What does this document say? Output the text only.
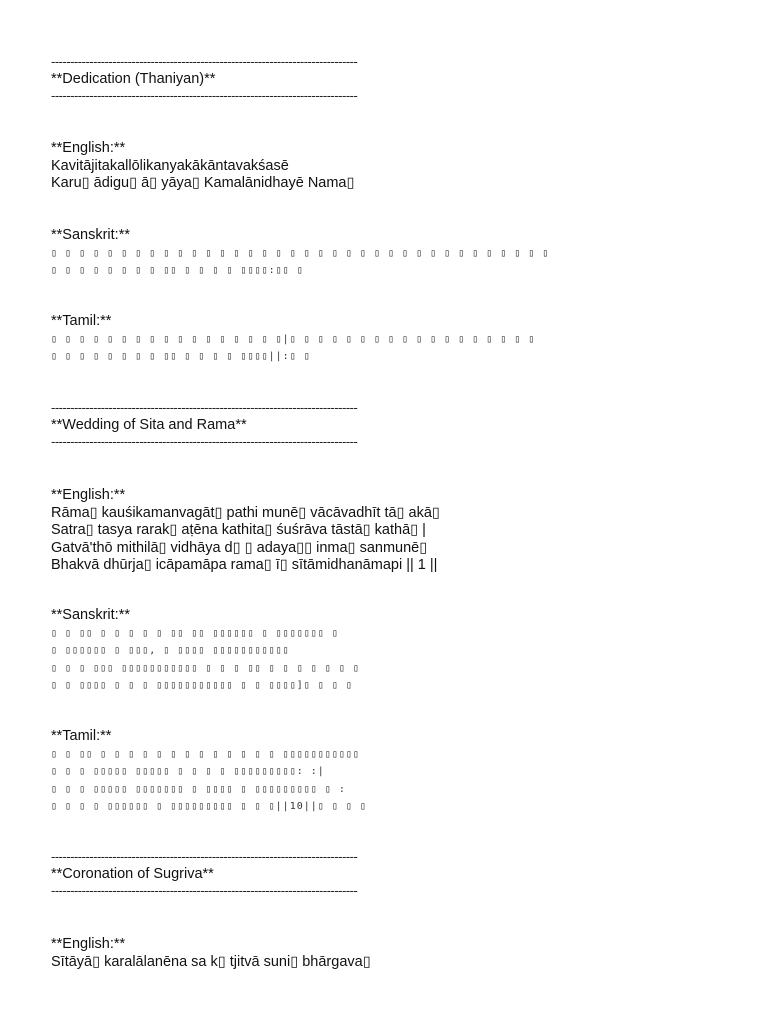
--------------------------------------------------------------------------------
**Dedication (Thaniyan)**
--------------------------------------------------------------------------------
**English:**
Kavitājitakallōlikanyakākāntavakśasē
Karu▯ ādigu▯ ā▯ yāya▯ Kamalānidhayē Nama▯
**Sanskrit:**
▯ ▯ ▯ ▯ ▯ ▯ ▯ ▯ ▯ ▯ ▯ ▯ ▯ ▯ ▯ ▯ ▯ ▯ ▯ ▯ ▯ ▯ ▯ ▯ ▯ ▯ ▯ ▯ ▯ ▯ ▯ ▯ ▯ ▯ ▯ ▯
▯ ▯ ▯ ▯ ▯ ▯ ▯ ▯ ▯▯ ▯ ▯ ▯ ▯ ▯▯▯▯:▯▯ ▯
**Tamil:**
▯ ▯ ▯ ▯ ▯ ▯ ▯ ▯ ▯ ▯ ▯ ▯ ▯ ▯ ▯ ▯ ▯|▯ ▯ ▯ ▯ ▯ ▯ ▯ ▯ ▯ ▯ ▯ ▯ ▯ ▯ ▯ ▯ ▯ ▯
▯ ▯ ▯ ▯ ▯ ▯ ▯ ▯ ▯▯ ▯ ▯ ▯ ▯ ▯▯▯▯||:▯ ▯
--------------------------------------------------------------------------------
**Wedding of Sita and Rama**
--------------------------------------------------------------------------------
**English:**
Rāma▯ kauśikamanvagāt▯ pathi munē▯ vācāvadhīt tā▯ akā▯
Satra▯ tasya rarak▯ aṭēna kathita▯ śuśrāva tāstā▯ kathā▯ |
Gatvā'thō mithilā▯ vidhāya d▯ ▯ adaya▯▯ inma▯ sanmunē▯
Bhakvā dhūrja▯ icāpamāpa rama▯ ī▯ sītāmidhanāmapi || 1 ||
**Sanskrit:**
▯ ▯ ▯▯ ▯ ▯ ▯ ▯ ▯ ▯▯ ▯▯ ▯▯▯▯▯▯ ▯ ▯▯▯▯▯▯▯ ▯
▯ ▯▯▯▯▯▯ ▯ ▯▯▯, ▯ ▯▯▯▯ ▯▯▯▯▯▯▯▯▯▯▯
▯ ▯ ▯ ▯▯▯ ▯▯▯▯▯▯▯▯▯▯▯ ▯ ▯ ▯ ▯▯ ▯ ▯ ▯ ▯ ▯ ▯ ▯
▯ ▯ ▯▯▯▯ ▯ ▯ ▯ ▯▯▯▯▯▯▯▯▯▯▯ ▯ ▯ ▯▯▯▯]▯ ▯ ▯ ▯
**Tamil:**
▯ ▯ ▯▯ ▯ ▯ ▯ ▯ ▯ ▯ ▯ ▯ ▯ ▯ ▯ ▯ ▯ ▯▯▯▯▯▯▯▯▯▯▯
▯ ▯ ▯ ▯▯▯▯▯ ▯▯▯▯▯ ▯ ▯ ▯ ▯ ▯▯▯▯▯▯▯▯▯: :|
▯ ▯ ▯ ▯▯▯▯▯ ▯▯▯▯▯▯▯ ▯ ▯▯▯▯ ▯ ▯▯▯▯▯▯▯▯▯ ▯ :
▯ ▯ ▯ ▯ ▯▯▯▯▯▯ ▯ ▯▯▯▯▯▯▯▯▯ ▯ ▯ ▯||10||▯ ▯ ▯ ▯
--------------------------------------------------------------------------------
**Coronation of Sugriva**
--------------------------------------------------------------------------------
**English:**
Sītāyā▯ karalālanēna sa k▯ tjitvā suni▯ bhārgava▯
